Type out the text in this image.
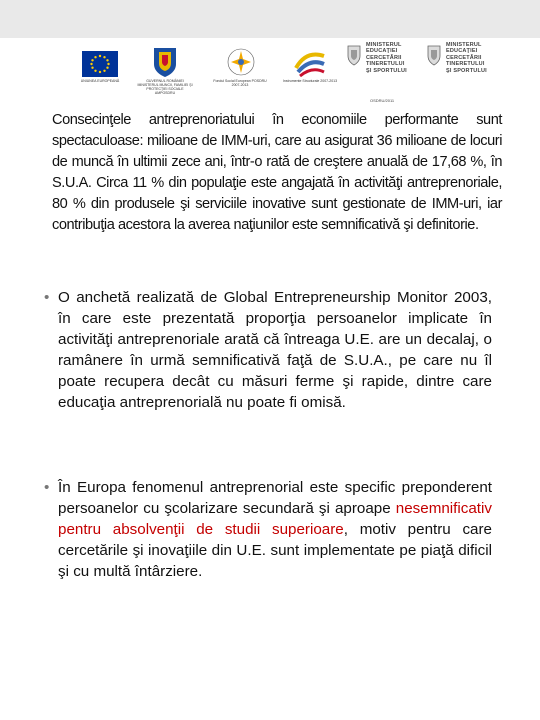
UNIUNEA EUROPEANĂ	GUVERNUL ROMÂNIEI MINISTERUL MUNCII, FAMILIEI ŞI PROTECŢIEI SOCIALE AMPOSDRU
Fondul Social European POSDRU 2007-2013
Instrumente Structurale 2007-2013
MINISTERUL
EDUCAŢIEI
CERCETĂRII
TINERETULUI
ŞI SPORTULUI
MINISTERUL
EDUCAŢIEI
CERCETĂRII
TINERETULUI
ŞI SPORTULUI
OSDRU/2011

Consecinţele antreprenoriatului în economiile performante sunt spectaculoase: milioane de IMM-uri, care au asigurat 36 milioane de locuri de muncă în ultimii zece ani, într-o rată de creştere anuală de 17,68 %, în S.U.A. Circa 11 % din populaţie este angajată în activităţi antreprenoriale, 80 % din produsele şi serviciile inovative sunt gestionate de IMM-uri, iar contribuţia acestora la averea naţiunilor este semnificativă şi definitorie.

• O anchetă realizată de Global Entrepreneurship Monitor 2003, în care este prezentată proporţia persoanelor implicate în activităţi antreprenoriale arată că întreaga U.E. are un decalaj, o ramânere în urmă semnificativă faţă de S.U.A., pe care nu îl poate recupera decât cu măsuri ferme şi rapide, dintre care educaţia antreprenorială nu poate fi omisă.
• În Europa fenomenul antreprenorial este specific preponderent persoanelor cu şcolarizare secundară şi aproape nesemnificativ pentru absolvenţii de studii superioare, motiv pentru care cercetările şi inovaţiile din U.E. sunt implementate pe piaţă dificil şi cu multă întârziere.
